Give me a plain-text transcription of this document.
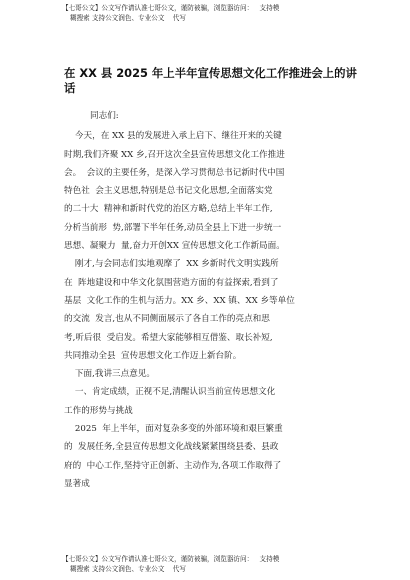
【七哥公文】公文写作请认准七哥公文，谨防被骗，浏览器访问：   支持模
糊搜索 支持公文润色、专业公文    代写
在 XX 县 2025 年上半年宣传思想文化工作推进会上的讲
话

同志们:

今天，在 XX 县的发展进入承上启下、继往开来的关键
时期,我们齐聚 XX 乡,召开这次全县宣传思想文化工作推进
会。  会议的主要任务，是深入学习贯彻总书记新时代中国
特色社  会主义思想,特别是总书记文化思想,全面落实党
的二十大  精神和新时代党的治区方略,总结上半年工作,
分析当前形  势,部署下半年任务,动员全县上下进一步统一
思想、凝聚力  量,奋力开创XX 宣传思想文化工作新局面。

刚才,与会同志们实地观摩了  XX 乡新时代文明实践所
在  阵地建设和中华文化氛围营造方面的有益探索,看到了
基层  文化工作的生机与活力。XX 乡、XX 镇、XX 乡等单位
的交流  发言,也从不同侧面展示了各自工作的亮点和思
考,听后很  受启发。希望大家能够相互借鉴、取长补短,
共同推动全县  宣传思想文化工作迈上新台阶。

下面,我讲三点意见。

一、肯定成绩，正视不足,清醒认识当前宣传思想文化
工作的形势与挑战

2025  年上半年，面对复杂多变的外部环境和艰巨繁重
的  发展任务,全县宣传思想文化战线紧紧围绕县委、县政
府的  中心工作,坚持守正创新、主动作为,各项工作取得了
显著成

【七哥公文】公文写作请认准七哥公文，谨防被骗，浏览器访问：   支持模
糊搜索 支持公文润色、专业公文    代写
